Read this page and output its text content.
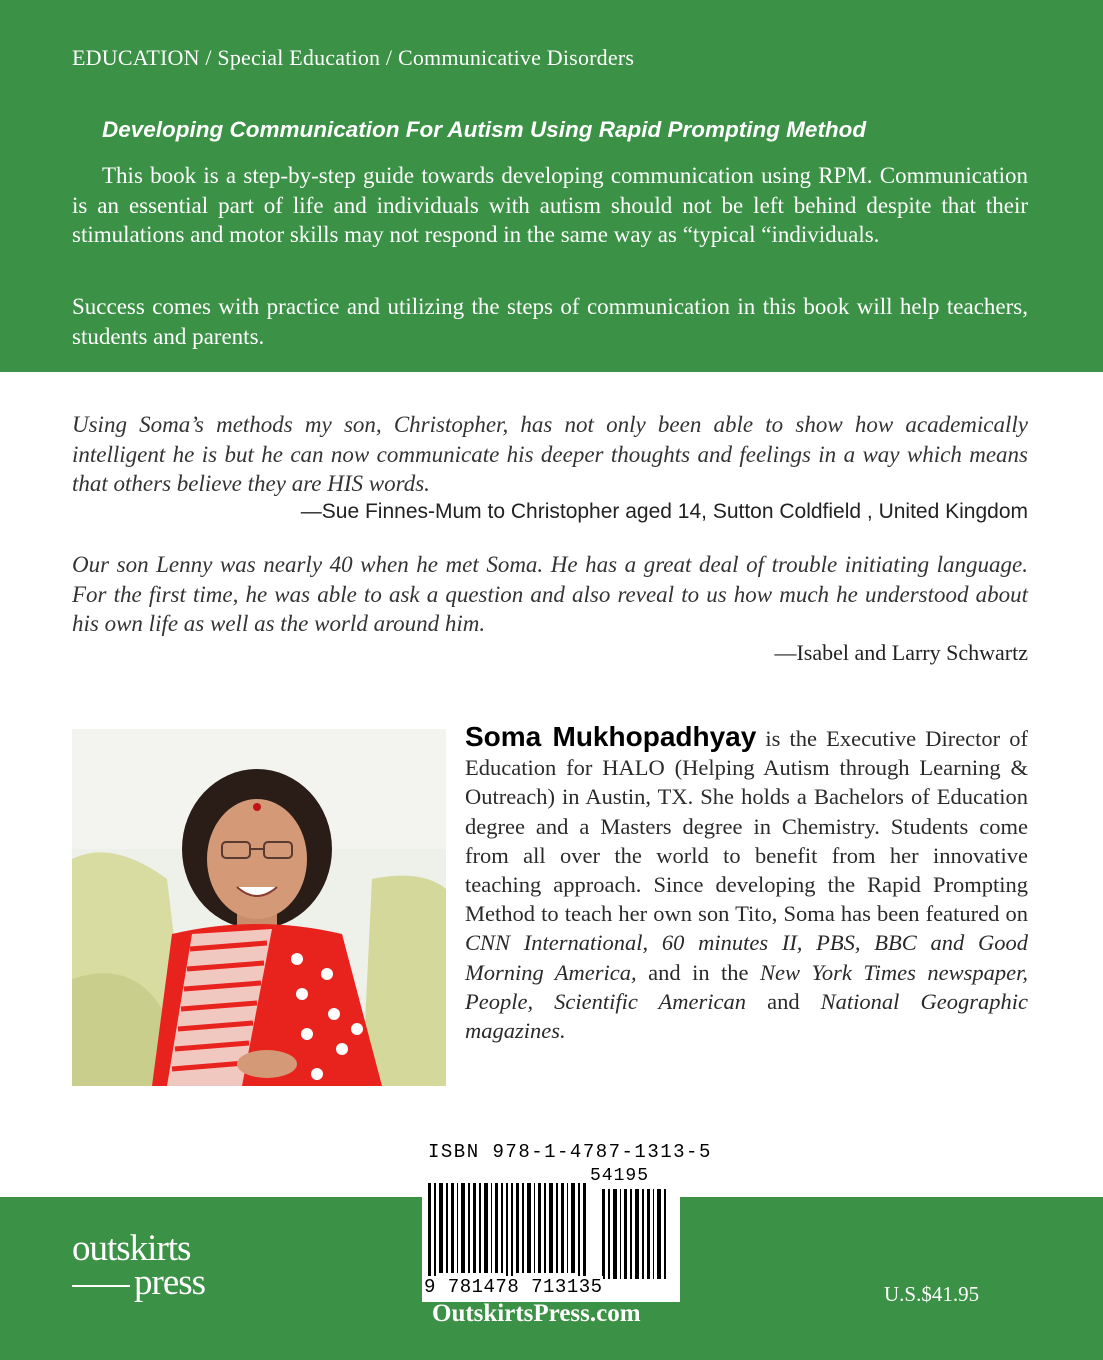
EDUCATION / Special Education / Communicative Disorders
Developing Communication For Autism Using Rapid Prompting Method
This book is a step-by-step guide towards developing communication using RPM. Communication is an essential part of life and individuals with autism should not be left behind despite that their stimulations and motor skills may not respond in the same way as “typical “individuals.
Success comes with practice and utilizing the steps of communication in this book will help teachers, students and parents.
Using Soma’s methods my son, Christopher, has not only been able to show how academically intelligent he is but he can now communicate his deeper thoughts and feelings in a way which means that others believe they are HIS words.
—Sue Finnes-Mum to Christopher aged 14, Sutton Coldfield , United Kingdom
Our son Lenny was nearly 40 when he met Soma. He has a great deal of trouble initiating language. For the first time, he was able to ask a question and also reveal to us how much he understood about his own life as well as the world around him.
—Isabel and Larry Schwartz
Soma Mukhopadhyay is the Executive Director of Education for HALO (Helping Autism through Learning & Outreach) in Austin, TX. She holds a Bachelors of Education degree and a Masters degree in Chemistry. Students come from all over the world to benefit from her innovative teaching approach. Since developing the Rapid Prompting Method to teach her own son Tito, Soma has been featured on CNN International, 60 minutes II, PBS, BBC and Good Morning America, and in the New York Times newspaper, People, Scientific American and National Geographic magazines.
outskirts
press
ISBN 978-1-4787-1313-5
54195
9 781478 713135
OutskirtsPress.com
U.S.$41.95
